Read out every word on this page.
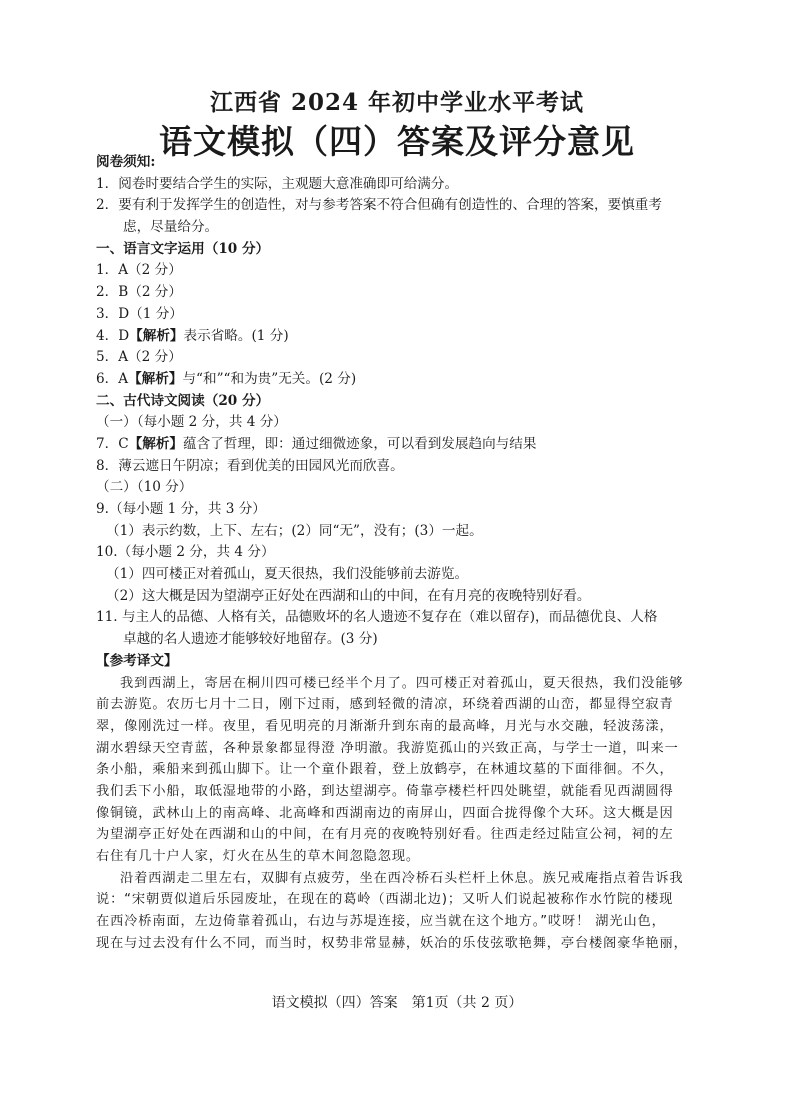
江西省 2024 年初中学业水平考试
语文模拟（四）答案及评分意见
阅卷须知:
1．阅卷时要结合学生的实际，主观题大意准确即可给满分。
2．要有利于发挥学生的创造性，对与参考答案不符合但确有创造性的、合理的答案，要慎重考
虑，尽量给分。
一、语言文字运用（10 分）
1．A（2 分）
2．B（2 分）
3．D（1 分）
4．D【解析】表示省略。(1 分)
5．A（2 分）
6．A【解析】与“和”“和为贵”无关。(2 分)
二、古代诗文阅读（20 分）
（一）（每小题 2 分，共 4 分）
7．C【解析】蕴含了哲理，即：通过细微迹象，可以看到发展趋向与结果
8．薄云遮日午阴凉；看到优美的田园风光而欣喜。
（二）（10 分）
9.（每小题 1 分，共 3 分）
（1）表示约数，上下、左右；(2）同“无”，没有；(3）一起。
10.（每小题 2 分，共 4 分）
（1）四可楼正对着孤山，夏天很热，我们没能够前去游览。
（2）这大概是因为望湖亭正好处在西湖和山的中间，在有月亮的夜晚特别好看。
11. 与主人的品德、人格有关，品德败坏的名人遗迹不复存在（难以留存)，而品德优良、人格
卓越的名人遗迹才能够较好地留存。(3 分)
【参考译文】
我到西湖上，寄居在桐川四可楼已经半个月了。四可楼正对着孤山，夏天很热，我们没能够
前去游览。农历七月十二日，刚下过雨，感到轻微的清凉，环绕着西湖的山峦，都显得空寂青
翠，像刚洗过一样。夜里，看见明亮的月渐渐升到东南的最高峰，月光与水交融，轻波荡漾，
湖水碧绿天空青蓝，各种景象都显得澄 净明澈。我游览孤山的兴致正高，与学士一道，叫来一
条小船，乘船来到孤山脚下。让一个童仆跟着，登上放鹤亭，在林逋坟墓的下面徘徊。不久，
我们丢下小船，取低湿地带的小路，到达望湖亭。倚靠亭楼栏杆四处眺望，就能看见西湖圆得
像铜镜，武林山上的南高峰、北高峰和西湖南边的南屏山，四面合拢得像个大环。这大概是因
为望湖亭正好处在西湖和山的中间，在有月亮的夜晚特别好看。往西走经过陆宣公祠，祠的左
右住有几十户人家，灯火在丛生的草木间忽隐忽现。
沿着西湖走二里左右，双脚有点疲劳，坐在西冷桥石头栏杆上休息。族兄戒庵指点着告诉我
说：“宋朝贾似道后乐园废址，在现在的葛岭（西湖北边)；又听人们说起被称作水竹院的楼现
在西冷桥南面，左边倚靠着孤山，右边与苏堤连接，应当就在这个地方。”哎呀！ 湖光山色，
现在与过去没有什么不同，而当时，权势非常显赫，妖冶的乐伎弦歌艳舞，亭台楼阁豪华艳丽，
语文模拟（四）答案　第1页（共 2 页）
